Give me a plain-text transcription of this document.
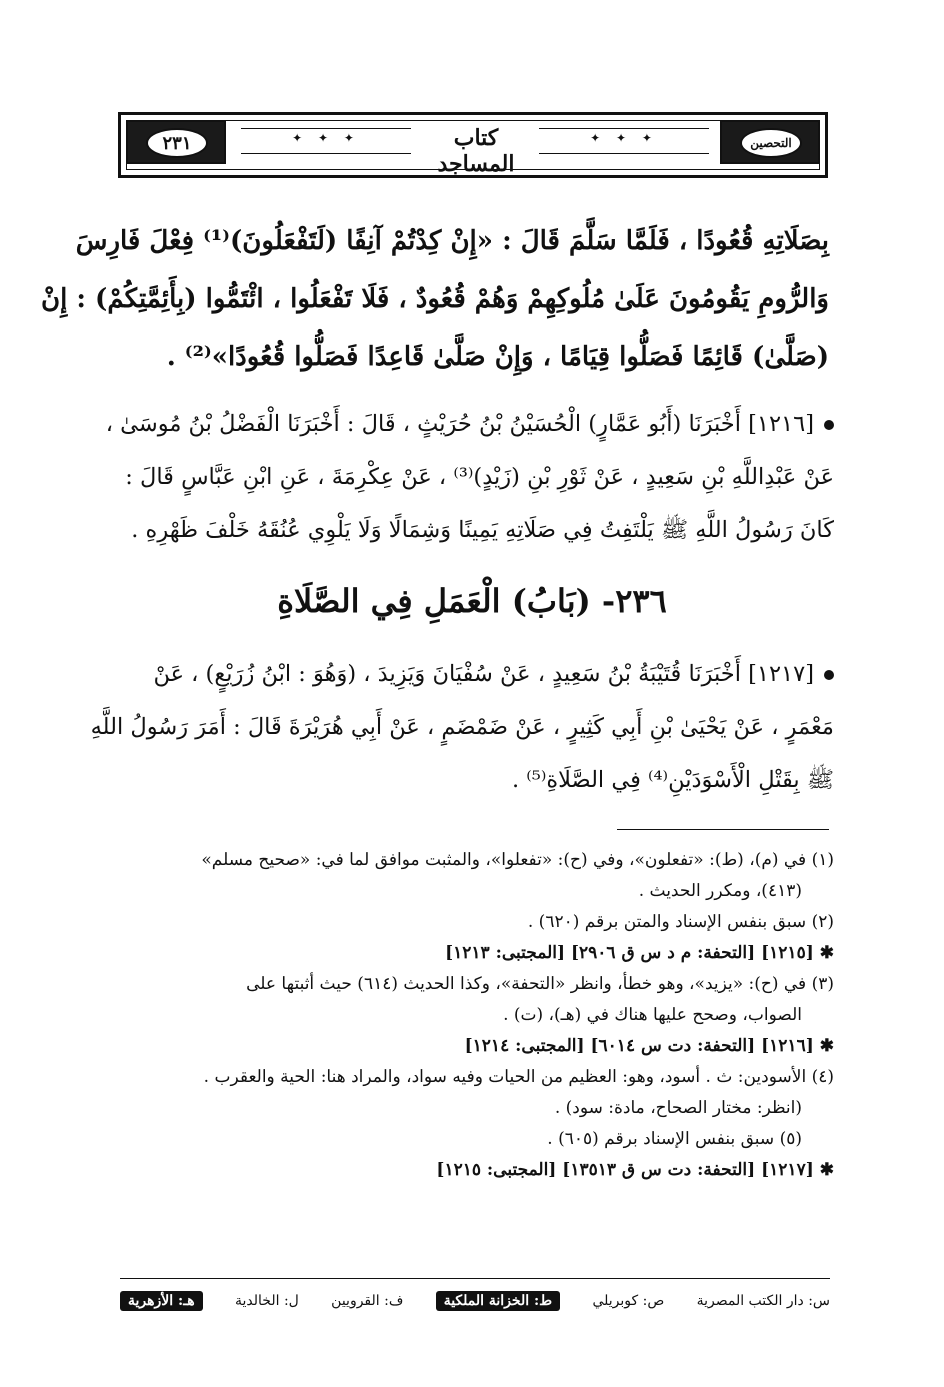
التحصين
✦ ✦ ✦
كتاب المساجد
✦ ✦ ✦
٢٣١
بِصَلَاتِهِ قُعُودًا ، فَلَمَّا سَلَّمَ قَالَ : «إِنْ كِدْتُمْ آنِفًا (لَتَفْعَلُونَ)⁽¹⁾ فِعْلَ فَارِسَ
وَالرُّومِ يَقُومُونَ عَلَىٰ مُلُوكِهِمْ وَهُمْ قُعُودٌ ، فَلَا تَفْعَلُوا ، ائْتَمُّوا (بِأَئِمَّتِكُمْ) : إِنْ
(صَلَّىٰ) قَائِمًا فَصَلُّوا قِيَامًا ، وَإِنْ صَلَّىٰ قَاعِدًا فَصَلُّوا قُعُودًا»⁽²⁾ .
[١٢١٦] أَخْبَرَنَا (أَبُو عَمَّارٍ) الْحُسَيْنُ بْنُ حُرَيْثٍ ، قَالَ : أَخْبَرَنَا الْفَضْلُ بْنُ مُوسَىٰ ،
عَنْ عَبْدِاللَّهِ بْنِ سَعِيدٍ ، عَنْ ثَوْرِ بْنِ (زَيْدٍ)⁽³⁾ ، عَنْ عِكْرِمَةَ ، عَنِ ابْنِ عَبَّاسٍ قَالَ :
كَانَ رَسُولُ اللَّهِ ﷺ يَلْتَفِتُ فِي صَلَاتِهِ يَمِينًا وَشِمَالًا وَلَا يَلْوِي عُنُقَهُ خَلْفَ ظَهْرِهِ .
٢٣٦- (بَابُ) الْعَمَلِ فِي الصَّلَاةِ
[١٢١٧] أَخْبَرَنَا قُتَيْبَةُ بْنُ سَعِيدٍ ، عَنْ سُفْيَانَ وَيَزِيدَ ، (وَهُوَ : ابْنُ زُرَيْعٍ) ، عَنْ
مَعْمَرٍ ، عَنْ يَحْيَىٰ بْنِ أَبِي كَثِيرٍ ، عَنْ ضَمْضَمٍ ، عَنْ أَبِي هُرَيْرَةَ قَالَ : أَمَرَ رَسُولُ اللَّهِ
ﷺ بِقَتْلِ الْأَسْوَدَيْنِ⁽⁴⁾ فِي الصَّلَاةِ⁽⁵⁾ .
(١) في (م)، (ط): «تفعلون»، وفي (ح): «تفعلوا»، والمثبت موافق لما في: «صحيح مسلم»
(٤١٣)، ومكرر الحديث .
(٢) سبق بنفس الإسناد والمتن برقم (٦٢٠) .
✱[١٢١٥] [التحفة: م د س ق ٢٩٠٦] [المجتبى: ١٢١٣]
(٣) في (ح): «يزيد»، وهو خطأ، وانظر «التحفة»، وكذا الحديث (٦١٤) حيث أثبتها على
الصواب، وصحح عليها هناك في (هـ)، (ت) .
✱[١٢١٦] [التحفة: دت س ٦٠١٤] [المجتبى: ١٢١٤]
(٤) الأسودين: ث . أسود، وهو: العظيم من الحيات وفيه سواد، والمراد هنا: الحية والعقرب .
(انظر: مختار الصحاح، مادة: سود) .
(٥) سبق بنفس الإسناد برقم (٦٠٥) .
✱[١٢١٧] [التحفة: دت س ق ١٣٥١٣] [المجتبى: ١٢١٥]
س: دار الكتب المصرية
ص: كوبريلي
ط: الخزانة الملكية
ف: القرويين
ل: الخالدية
هـ: الأزهرية
